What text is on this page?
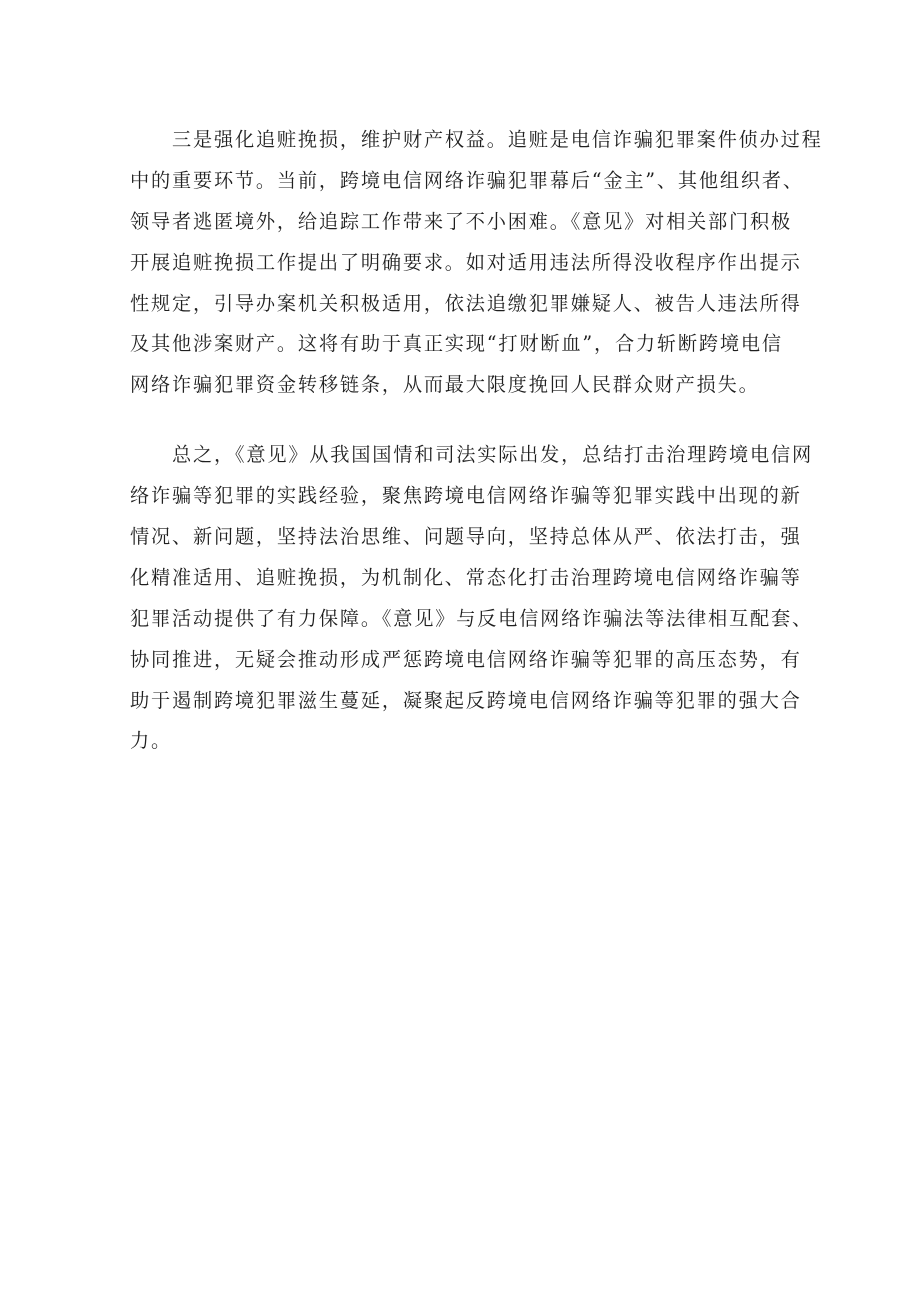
三是强化追赃挽损，维护财产权益。追赃是电信诈骗犯罪案件侦办过程
中的重要环节。当前，跨境电信网络诈骗犯罪幕后“金主”、其他组织者、
领导者逃匿境外，给追踪工作带来了不小困难。《意见》对相关部门积极
开展追赃挽损工作提出了明确要求。如对适用违法所得没收程序作出提示
性规定，引导办案机关积极适用，依法追缴犯罪嫌疑人、被告人违法所得
及其他涉案财产。这将有助于真正实现“打财断血”，合力斩断跨境电信
网络诈骗犯罪资金转移链条，从而最大限度挽回人民群众财产损失。
总之，《意见》从我国国情和司法实际出发，总结打击治理跨境电信网
络诈骗等犯罪的实践经验，聚焦跨境电信网络诈骗等犯罪实践中出现的新
情况、新问题，坚持法治思维、问题导向，坚持总体从严、依法打击，强
化精准适用、追赃挽损，为机制化、常态化打击治理跨境电信网络诈骗等
犯罪活动提供了有力保障。《意见》与反电信网络诈骗法等法律相互配套、
协同推进，无疑会推动形成严惩跨境电信网络诈骗等犯罪的高压态势，有
助于遏制跨境犯罪滋生蔓延，凝聚起反跨境电信网络诈骗等犯罪的强大合
力。
